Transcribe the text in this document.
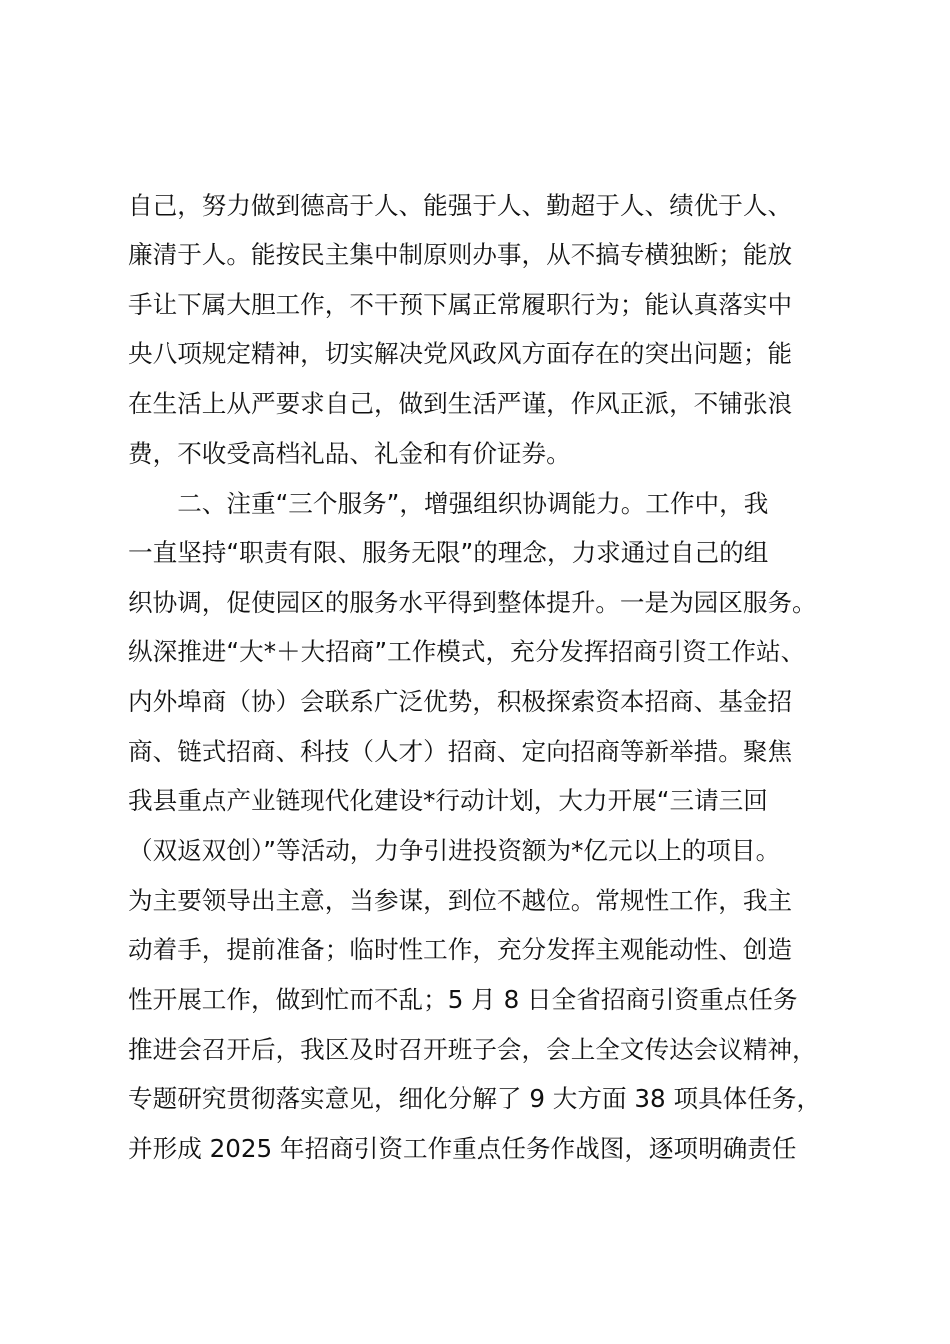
自己，努力做到德高于人、能强于人、勤超于人、绩优于人、
廉清于人。能按民主集中制原则办事，从不搞专横独断；能放
手让下属大胆工作，不干预下属正常履职行为；能认真落实中
央八项规定精神，切实解决党风政风方面存在的突出问题；能
在生活上从严要求自己，做到生活严谨，作风正派，不铺张浪
费，不收受高档礼品、礼金和有价证券。
　　二、注重“三个服务”，增强组织协调能力。工作中，我
一直坚持“职责有限、服务无限”的理念，力求通过自己的组
织协调，促使园区的服务水平得到整体提升。一是为园区服务。
纵深推进“大*＋大招商”工作模式，充分发挥招商引资工作站、
内外埠商（协）会联系广泛优势，积极探索资本招商、基金招
商、链式招商、科技（人才）招商、定向招商等新举措。聚焦
我县重点产业链现代化建设*行动计划，大力开展“三请三回
（双返双创）”等活动，力争引进投资额为*亿元以上的项目。
为主要领导出主意，当参谋，到位不越位。常规性工作，我主
动着手，提前准备；临时性工作，充分发挥主观能动性、创造
性开展工作，做到忙而不乱；5 月 8 日全省招商引资重点任务
推进会召开后，我区及时召开班子会，会上全文传达会议精神，
专题研究贯彻落实意见，细化分解了 9 大方面 38 项具体任务，
并形成 2025 年招商引资工作重点任务作战图，逐项明确责任
